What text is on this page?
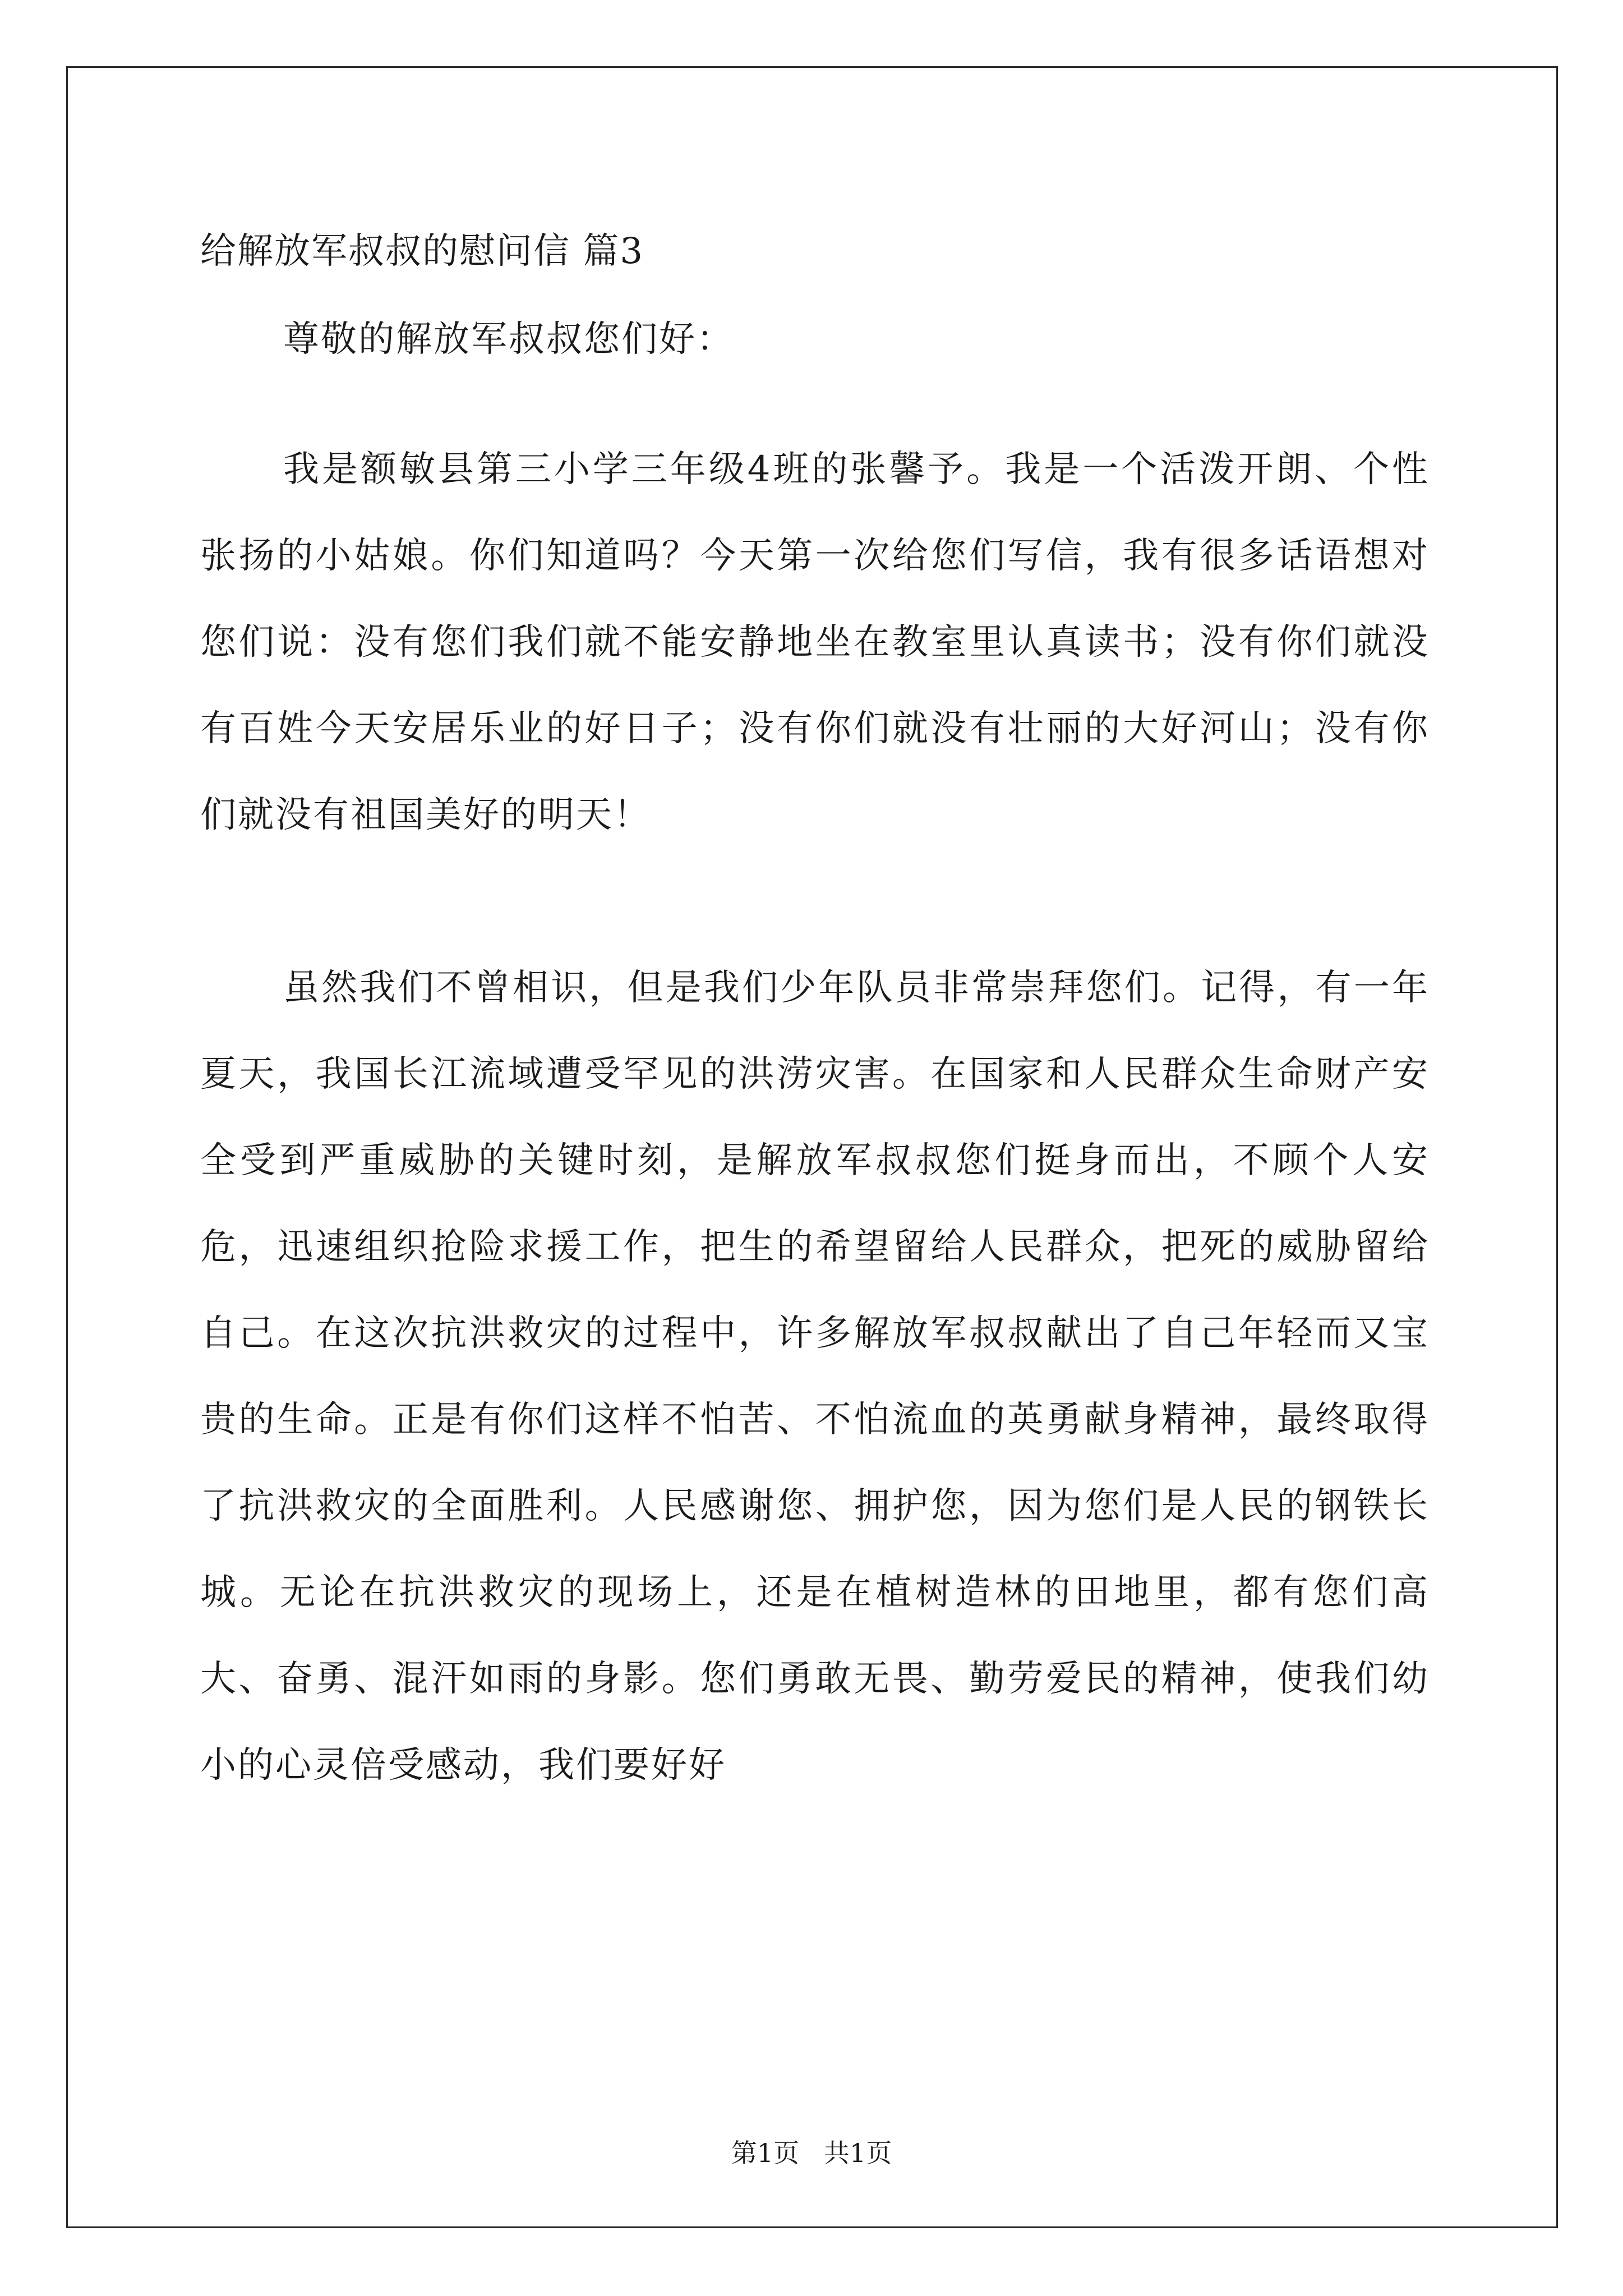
给解放军叔叔的慰问信 篇3

尊敬的解放军叔叔您们好：

我是额敏县第三小学三年级4班的张馨予。我是一个活泼开朗、个性张扬的小姑娘。你们知道吗？今天第一次给您们写信，我有很多话语想对您们说：没有您们我们就不能安静地坐在教室里认真读书；没有你们就没有百姓今天安居乐业的好日子；没有你们就没有壮丽的大好河山；没有你们就没有祖国美好的明天！

虽然我们不曾相识，但是我们少年队员非常崇拜您们。记得，有一年夏天，我国长江流域遭受罕见的洪涝灾害。在国家和人民群众生命财产安全受到严重威胁的关键时刻，是解放军叔叔您们挺身而出，不顾个人安危，迅速组织抢险求援工作，把生的希望留给人民群众，把死的威胁留给自己。在这次抗洪救灾的过程中，许多解放军叔叔献出了自己年轻而又宝贵的生命。正是有你们这样不怕苦、不怕流血的英勇献身精神，最终取得了抗洪救灾的全面胜利。人民感谢您、拥护您，因为您们是人民的钢铁长城。无论在抗洪救灾的现场上，还是在植树造林的田地里，都有您们高大、奋勇、混汗如雨的身影。您们勇敢无畏、勤劳爱民的精神，使我们幼小的心灵倍受感动，我们要好好

第1页   共1页
